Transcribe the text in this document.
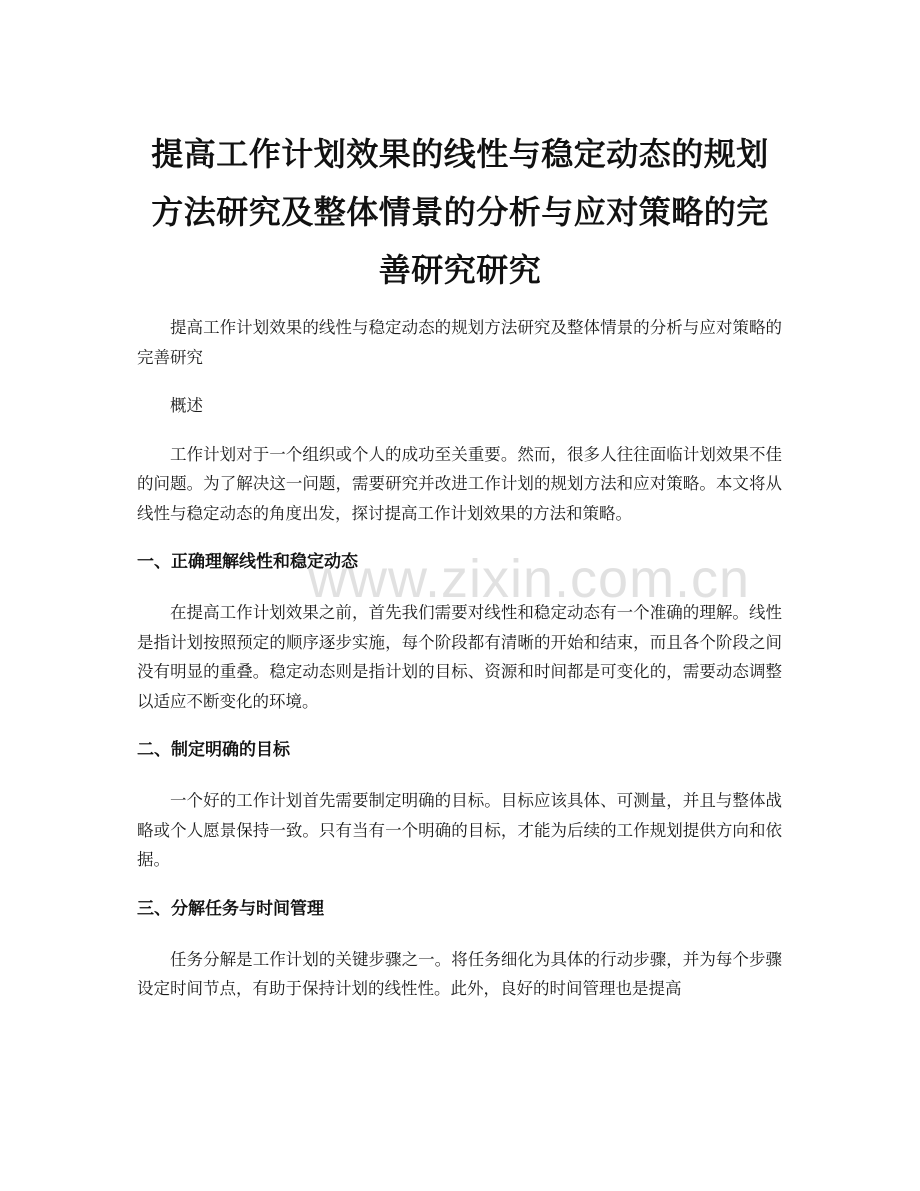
提高工作计划效果的线性与稳定动态的规划
方法研究及整体情景的分析与应对策略的完
善研究研究

提高工作计划效果的线性与稳定动态的规划方法研究及整体情景的分析与应对策略的完善研究

概述

工作计划对于一个组织或个人的成功至关重要。然而，很多人往往面临计划效果不佳的问题。为了解决这一问题，需要研究并改进工作计划的规划方法和应对策略。本文将从线性与稳定动态的角度出发，探讨提高工作计划效果的方法和策略。

一、正确理解线性和稳定动态

在提高工作计划效果之前，首先我们需要对线性和稳定动态有一个准确的理解。线性是指计划按照预定的顺序逐步实施，每个阶段都有清晰的开始和结束，而且各个阶段之间没有明显的重叠。稳定动态则是指计划的目标、资源和时间都是可变化的，需要动态调整以适应不断变化的环境。

二、制定明确的目标

一个好的工作计划首先需要制定明确的目标。目标应该具体、可测量，并且与整体战略或个人愿景保持一致。只有当有一个明确的目标，才能为后续的工作规划提供方向和依据。

三、分解任务与时间管理

任务分解是工作计划的关键步骤之一。将任务细化为具体的行动步骤，并为每个步骤设定时间节点，有助于保持计划的线性性。此外，良好的时间管理也是提高

www.zixin.com.cn
